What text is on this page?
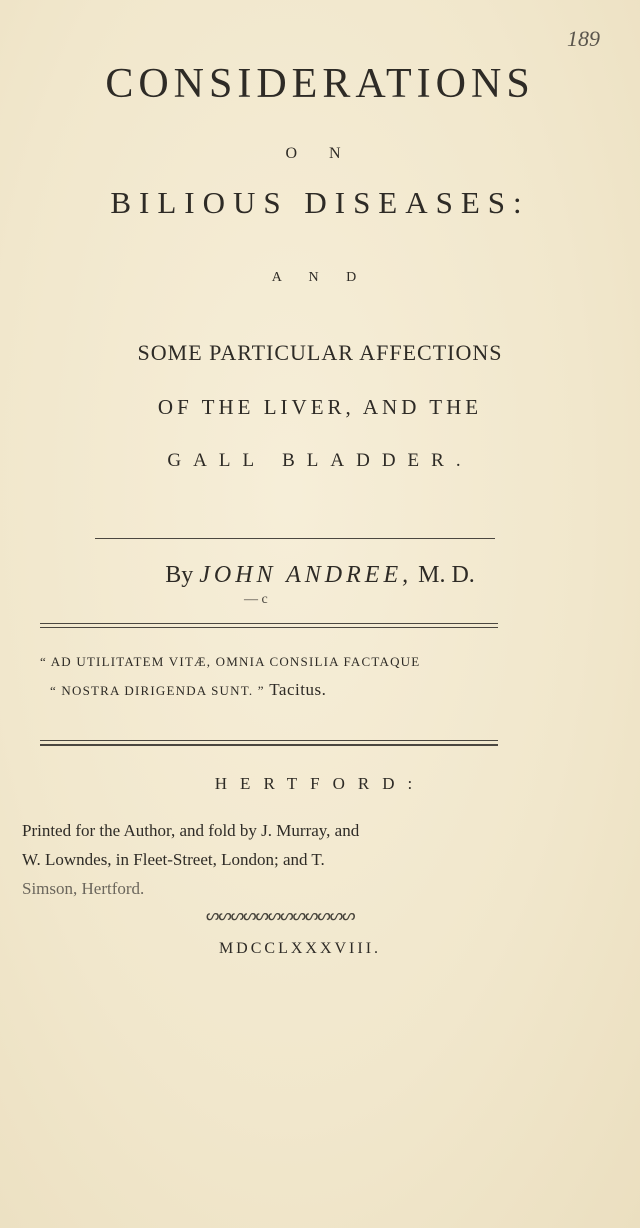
189
CONSIDERATIONS
O N
BILIOUS DISEASES:
A N D
SOME PARTICULAR AFFECTIONS
OF THE LIVER, AND THE
GALL BLADDER.
By JOHN ANDREE, M. D.
— c
“ AD UTILITATEM VITÆ, OMNIA CONSILIA FACTAQUE
“ NOSTRA DIRIGENDA SUNT. ” Tacitus.
HERTFORD:
Printed for the Author, and fold by J. Murray, and
W. Lowndes, in Fleet-Street, London; and T.
Simson, Hertford.
ᔕᔕᔕᔕᔕᔕᔕᔕᔕᔕᔕᔕ
MDCCLXXXVIII.
